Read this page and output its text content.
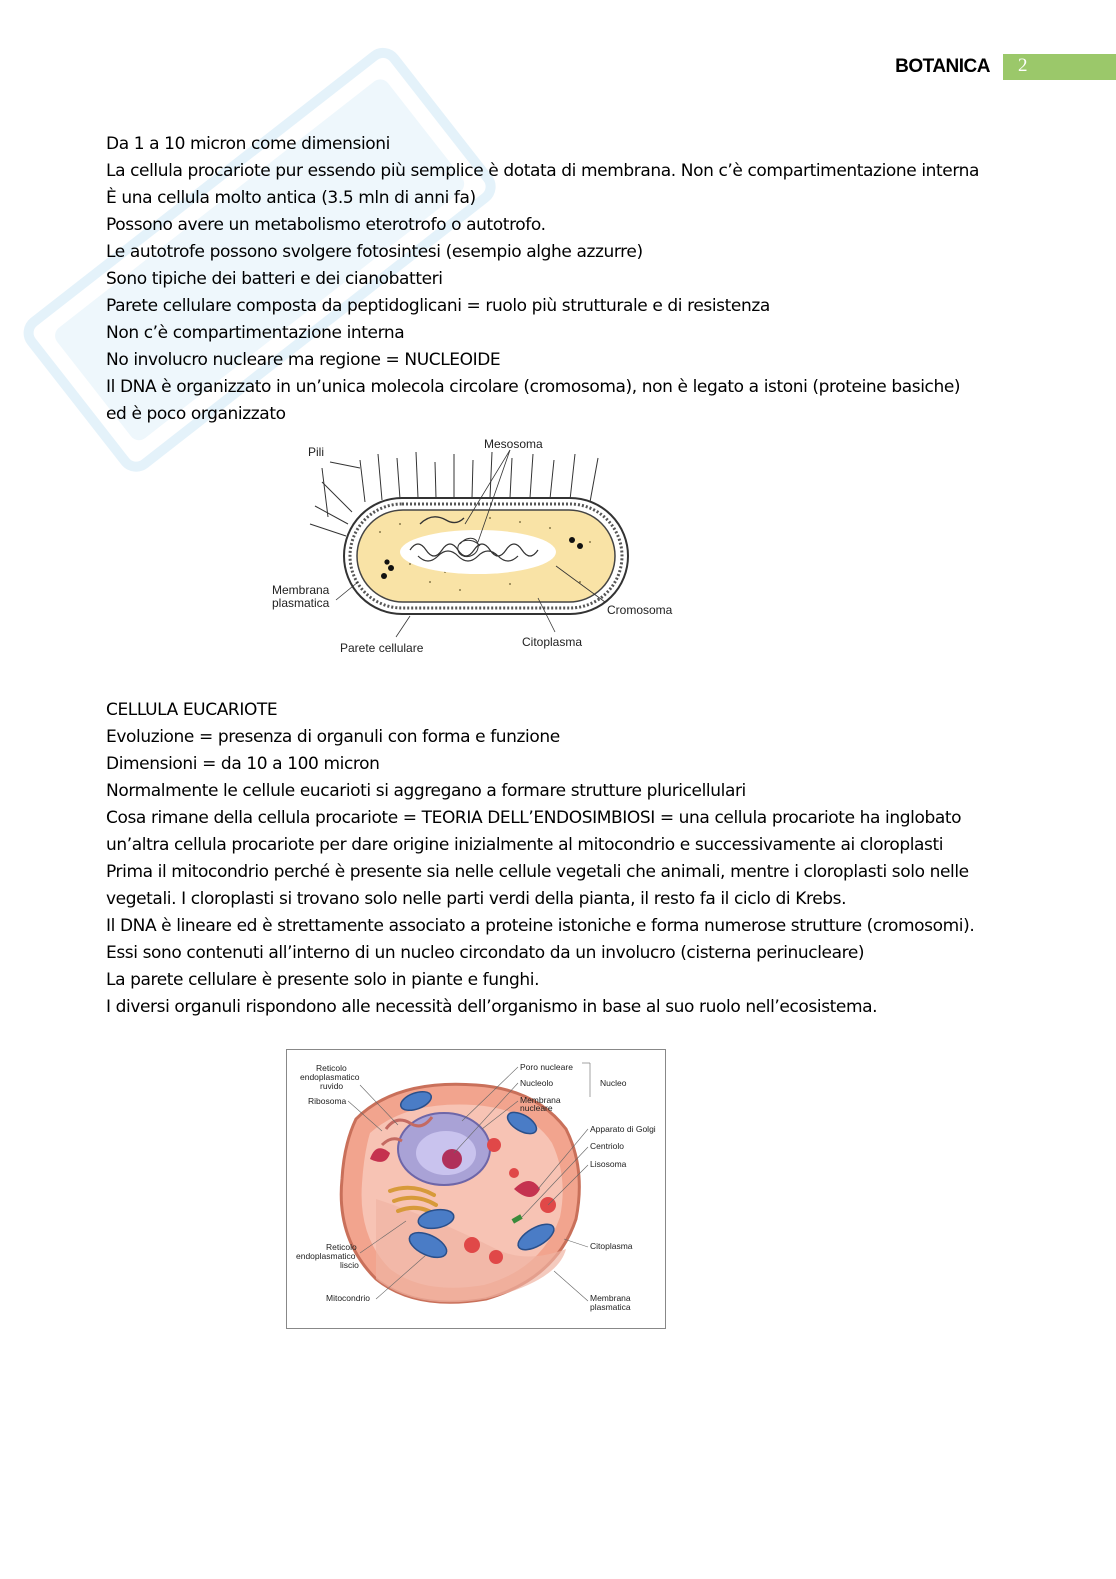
BOTANICA 2

Da 1 a 10 micron come dimensioni

La cellula procariote pur essendo più semplice è dotata di membrana. Non c’è compartimentazione interna

È una cellula molto antica (3.5 mln di anni fa)

Possono avere un metabolismo eterotrofo o autotrofo.

Le autotrofe possono svolgere fotosintesi (esempio alghe azzurre)

Sono tipiche dei batteri e dei cianobatteri

Parete cellulare composta da peptidoglicani = ruolo più strutturale e di resistenza

Non c’è compartimentazione interna

No involucro nucleare ma regione = NUCLEOIDE

Il DNA è organizzato in un’unica molecola circolare (cromosoma), non è legato a istoni (proteine basiche)

ed è poco organizzato

Pili
Mesosoma
Membrana
plasmatica	Cromosoma
Citoplasma
Parete cellulare

CELLULA EUCARIOTE

Evoluzione = presenza di organuli con forma e funzione

Dimensioni = da 10 a 100 micron

Normalmente le cellule eucarioti si aggregano a formare strutture pluricellulari

Cosa rimane della cellula procariote = TEORIA DELL’ENDOSIMBIOSI = una cellula procariote ha inglobato

un’altra cellula procariote per dare origine inizialmente al mitocondrio e successivamente ai cloroplasti

Prima il mitocondrio perché è presente sia nelle cellule vegetali che animali, mentre i cloroplasti solo nelle

vegetali. I cloroplasti si trovano solo nelle parti verdi della pianta, il resto fa il ciclo di Krebs.

Il DNA è lineare ed è strettamente associato a proteine istoniche e forma numerose strutture (cromosomi).

Essi sono contenuti all’interno di un nucleo circondato da un involucro (cisterna perinucleare)

La parete cellulare è presente solo in piante e funghi.

I diversi organuli rispondono alle necessità dell’organismo in base al suo ruolo nell’ecosistema.

Reticolo
endoplasmatico
ruvido
Ribosoma
Poro nucleare
Nucleolo
Membrana
nucleare
Nucleo
Apparato di Golgi
Centriolo
Lisosoma
Citoplasma
Reticolo
endoplasmatico
liscio
Mitocondrio	Membrana
plasmatica
